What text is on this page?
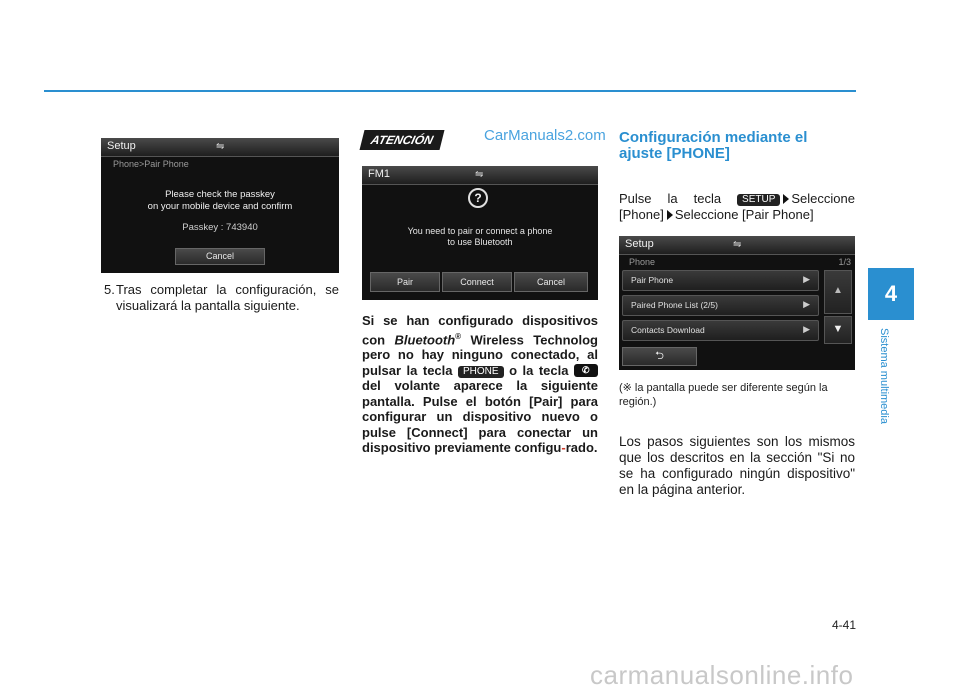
Setup	⇋
Phone>Pair Phone
Please check the passkey
on your mobile device and confirm
Passkey : 743940
Cancel
5. Tras completar la configuración, se visualizará la pantalla siguiente.
ATENCIÓN	CarManuals2.com
FM1	⇋
?
You need to pair or connect a phone
to use Bluetooth
Pair	Connect	Cancel
Si se han configurado dispositivos con Bluetooth® Wireless Technolog pero no hay ninguno conectado, al pulsar la tecla PHONE o la tecla ✆
del volante aparece la siguiente pantalla. Pulse el botón [Pair] para configurar un dispositivo nuevo o pulse [Connect] para conectar un dispositivo previamente configu-rado.
Configuración mediante el
ajuste [PHONE]
Pulse la tecla SETUP Seleccione [Phone] Seleccione [Pair Phone]
Setup	⇋
Phone	1/3
Pair Phone	▶
Paired Phone List (2/5)	▶
Contacts Download	▶
⮌
▲
▼
(※ la pantalla puede ser diferente según la región.)
Los pasos siguientes son los mismos que los descritos en la sección "Si no se ha configurado ningún dispositivo" en la página anterior.
4
Sistema multimedia
4-41
carmanualsonline.info
